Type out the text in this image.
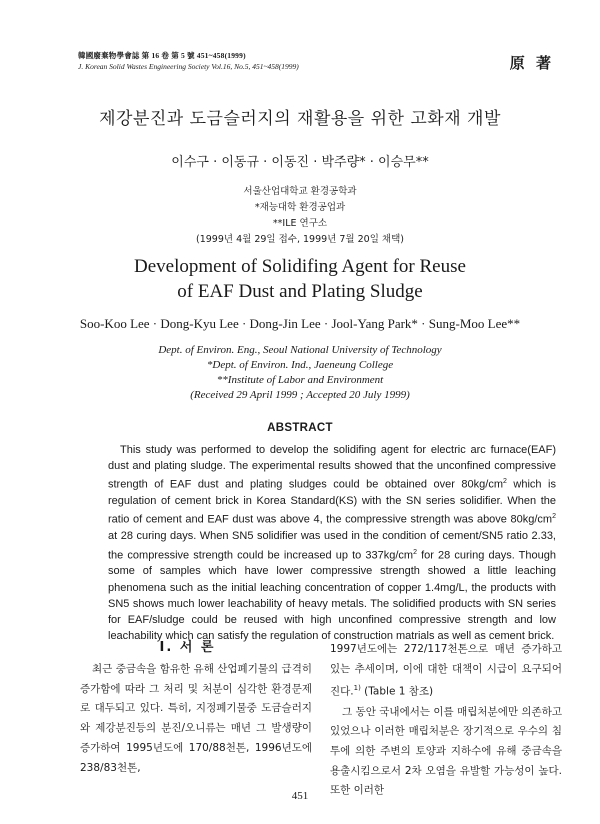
韓國廢棄物學會誌 第 16 卷 第 5 號 451~458(1999)
J. Korean Solid Wastes Engineering Society Vol.16, No.5, 451~458(1999)	原 著
제강분진과 도금슬러지의 재활용을 위한 고화재 개발
이수구 · 이동규 · 이동진 · 박주량* · 이승무**
서울산업대학교 환경공학과
*재능대학 환경공업과
**ILE 연구소
(1999년 4월 29일 접수, 1999년 7월 20일 채택)
Development of Solidifing Agent for Reuse
of EAF Dust and Plating Sludge
Soo-Koo Lee · Dong-Kyu Lee · Dong-Jin Lee · Jool-Yang Park* · Sung-Moo Lee**
Dept. of Environ. Eng., Seoul National University of Technology
*Dept. of Environ. Ind., Jaeneung College
**Institute of Labor and Environment
(Received 29 April 1999 ; Accepted 20 July 1999)
ABSTRACT
This study was performed to develop the solidifing agent for electric arc furnace(EAF) dust and plating sludge. The experimental results showed that the unconfined compressive strength of EAF dust and plating sludges could be obtained over $80kg/cm^2$ which is regulation of cement brick in Korea Standard(KS) with the SN series solidifier. When the ratio of cement and EAF dust was above 4, the compressive strength was above $80kg/cm^2$ at 28 curing days. When SN5 solidifier was used in the condition of cement/SN5 ratio 2.33, the compressive strength could be increased up to $337kg/cm^2$ for 28 curing days. Though some of samples which have lower compressive strength showed a little leaching phenomena such as the initial leaching concentration of copper 1.4mg/L, the products with SN5 shows much lower leachability of heavy metals. The solidified products with SN series for EAF/sludge could be reused with high unconfined compressive strength and low leachability which can satisfy the regulation of construction matrials as well as cement brick.
Ⅰ. 서 론
최근 중금속을 함유한 유해 산업폐기물의 급격히 증가함에 따라 그 처리 및 처분이 심각한 환경문제로 대두되고 있다. 특히, 지정폐기물중 도금슬러지와 제강분진등의 분진/오니류는 매년 그 발생량이 증가하여 1995년도에 170/88천톤, 1996년도에 238/83천톤,
1997년도에는 272/117천톤으로 매년 증가하고 있는 추세이며, 이에 대한 대책이 시급이 요구되어진다.$^{1)}$ (Table 1 참조)
그 동안 국내에서는 이를 매립처분에만 의존하고 있었으나 이러한 매립처분은 장기적으로 우수의 침투에 의한 주변의 토양과 지하수에 유해 중금속을 용출시킴으로서 2차 오염을 유발할 가능성이 높다. 또한 이러한
451
